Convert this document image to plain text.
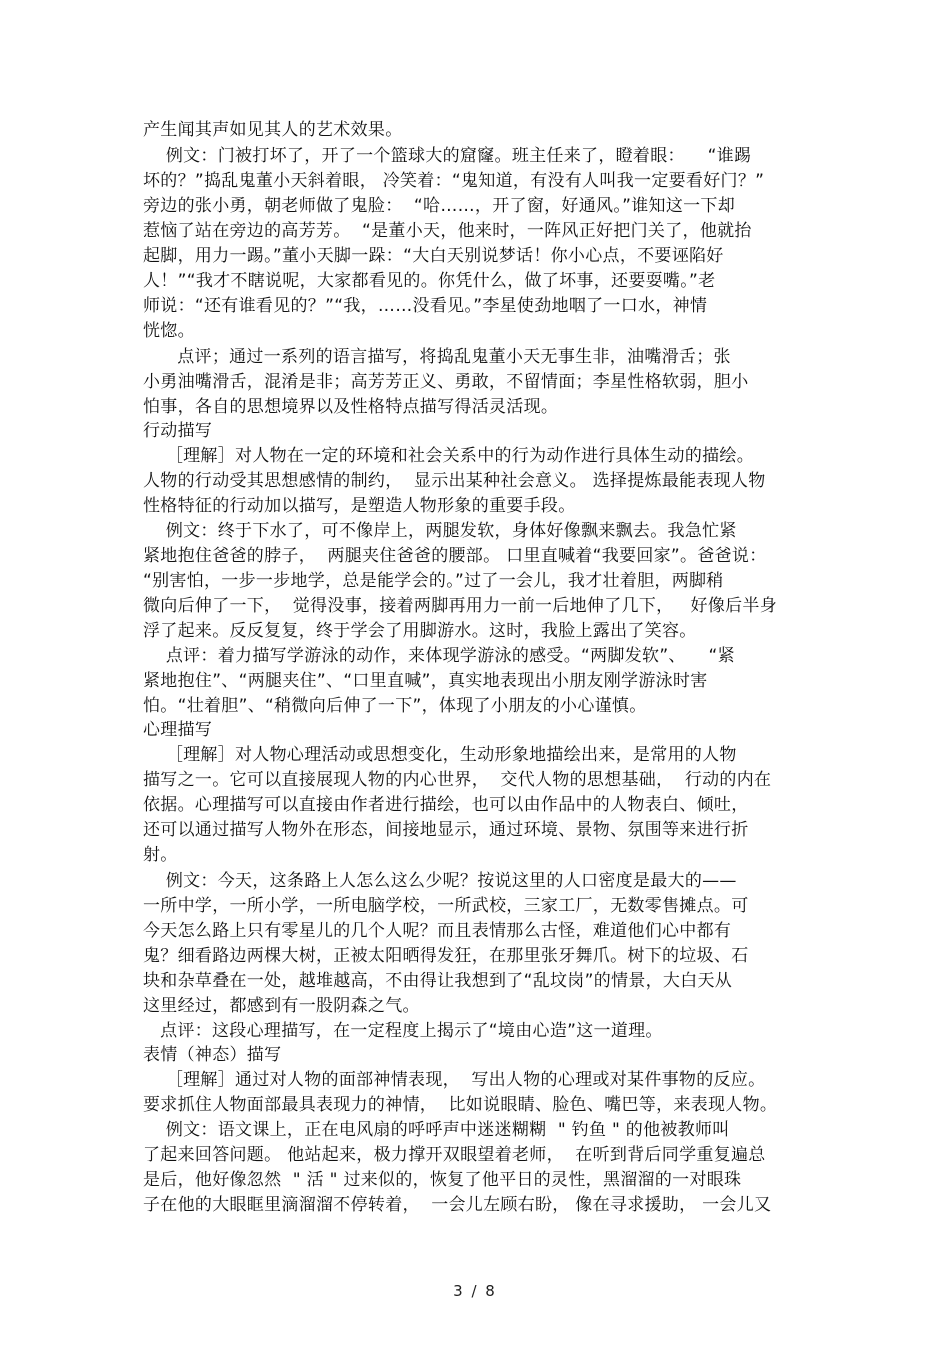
产生闻其声如见其人的艺术效果。
例文：门被打坏了，开了一个篮球大的窟窿。班主任来了，瞪着眼：    “谁踢
坏的？”捣乱鬼董小天斜着眼， 冷笑着：“鬼知道，有没有人叫我一定要看好门？”
旁边的张小勇，朝老师做了鬼脸：  “哈……，开了窗，好通风。”谁知这一下却
惹恼了站在旁边的高芳芳。  “是董小天，他来时，一阵风正好把门关了，他就抬
起脚，用力一踢。”董小天脚一跺：“大白天别说梦话！你小心点，不要诬陷好
人！”“我才不瞎说呢，大家都看见的。你凭什么，做了坏事，还要耍嘴。”老
师说：“还有谁看见的？”“我，……没看见。”李星使劲地咽了一口水，神情
恍惚。
点评；通过一系列的语言描写，将捣乱鬼董小天无事生非，油嘴滑舌；张
小勇油嘴滑舌，混淆是非；高芳芳正义、勇敢，不留情面；李星性格软弱，胆小
怕事，各自的思想境界以及性格特点描写得活灵活现。
行动描写
［理解］对人物在一定的环境和社会关系中的行为动作进行具体生动的描绘。
人物的行动受其思想感情的制约，  显示出某种社会意义。 选择提炼最能表现人物
性格特征的行动加以描写，是塑造人物形象的重要手段。
例文：终于下水了，可不像岸上，两腿发软，身体好像飘来飘去。我急忙紧
紧地抱住爸爸的脖子，  两腿夹住爸爸的腰部。 口里直喊着“我要回家”。爸爸说：
“别害怕，一步一步地学，总是能学会的。”过了一会儿，我才壮着胆，两脚稍
微向后伸了一下，  觉得没事，接着两脚再用力一前一后地伸了几下，   好像后半身
浮了起来。反反复复，终于学会了用脚游水。这时，我脸上露出了笑容。
点评：着力描写学游泳的动作，来体现学游泳的感受。“两脚发软”、    “紧
紧地抱住”、“两腿夹住”、“口里直喊”，真实地表现出小朋友刚学游泳时害
怕。“壮着胆”、“稍微向后伸了一下”，体现了小朋友的小心谨慎。
心理描写
［理解］对人物心理活动或思想变化，生动形象地描绘出来，是常用的人物
描写之一。它可以直接展现人物的内心世界，  交代人物的思想基础，  行动的内在
依据。心理描写可以直接由作者进行描绘，也可以由作品中的人物表白、倾吐，
还可以通过描写人物外在形态，间接地显示，通过环境、景物、氛围等来进行折
射。
例文：今天，这条路上人怎么这么少呢？按说这里的人口密度是最大的——
一所中学，一所小学，一所电脑学校，一所武校，三家工厂，无数零售摊点。可
今天怎么路上只有零星儿的几个人呢？而且表情那么古怪，难道他们心中都有
鬼？细看路边两棵大树，正被太阳晒得发狂，在那里张牙舞爪。树下的垃圾、石
块和杂草叠在一处，越堆越高，不由得让我想到了“乱坟岗”的情景，大白天从
这里经过，都感到有一股阴森之气。
点评：这段心理描写，在一定程度上揭示了“境由心造”这一道理。
表情（神态）描写
［理解］通过对人物的面部神情表现，  写出人物的心理或对某件事物的反应。
要求抓住人物面部最具表现力的神情，  比如说眼睛、脸色、嘴巴等，来表现人物。
例文：语文课上，正在电风扇的呼呼声中迷迷糊糊  " 钓鱼 " 的他被教师叫
了起来回答问题。 他站起来，极力撑开双眼望着老师，  在听到背后同学重复遍总
是后，他好像忽然  " 活 " 过来似的，恢复了他平日的灵性，黑溜溜的一对眼珠
子在他的大眼眶里滴溜溜不停转着，  一会儿左顾右盼， 像在寻求援助， 一会儿又
3 / 8
